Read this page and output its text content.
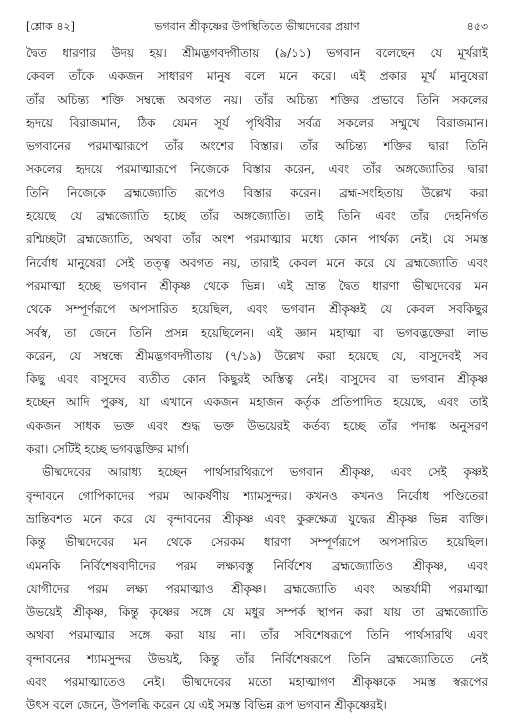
[শ্লোক ৪২]	ভগবান শ্রীকৃষ্ণের উপস্থিতিতে ভীষ্মদেবের প্রয়াণ	৪৫৩
দ্বৈত ধারণার উদয় হয়। শ্রীমদ্ভগবদ্গীতায় (৯/১১) ভগবান বলেছেন যে মূর্খরাই
কেবল তাঁকে একজন সাধারণ মানুষ বলে মনে করে। এই প্রকার মূর্খ মানুষেরা
তাঁর অচিন্ত্য শক্তি সম্বন্ধে অবগত নয়। তাঁর অচিন্ত্য শক্তির প্রভাবে তিনি সকলের
হৃদয়ে বিরাজমান, ঠিক যেমন সূর্য পৃথিবীর সর্বত্র সকলের সম্মুখে বিরাজমান।
ভগবানের পরমাত্মারূপে তাঁর অংশের বিস্তার। তাঁর অচিন্ত্য শক্তির দ্বারা তিনি
সকলের হৃদয়ে পরমাত্মারূপে নিজেকে বিস্তার করেন, এবং তাঁর অঙ্গজ্যোতির দ্বারা
তিনি নিজেকে ব্রহ্মজ্যোতি রূপেও বিস্তার করেন। ব্রহ্ম-সংহিতায় উল্লেখ করা
হয়েছে যে ব্রহ্মজ্যোতি হচ্ছে তাঁর অঙ্গজ্যোতি। তাই তিনি এবং তাঁর দেহনির্গত
রশ্মিচ্ছটা ব্রহ্মজ্যোতি, অথবা তাঁর অংশ পরমাত্মার মধ্যে কোন পার্থক্য নেই। যে সমস্ত
নির্বোধ মানুষেরা সেই তত্ত্ব অবগত নয়, তারাই কেবল মনে করে যে ব্রহ্মজ্যোতি এবং
পরমাত্মা হচ্ছে ভগবান শ্রীকৃষ্ণ থেকে ভিন্ন। এই ভ্রান্ত দ্বৈত ধারণা ভীষ্মদেবের মন
থেকে সম্পূর্ণরূপে অপসারিত হয়েছিল, এবং ভগবান শ্রীকৃষ্ণই যে কেবল সবকিছুর
সর্বস্ব, তা জেনে তিনি প্রসন্ন হয়েছিলেন। এই জ্ঞান মহাত্মা বা ভগবদ্ভক্তেরা লাভ
করেন, যে সম্বন্ধে শ্রীমদ্ভগবদ্গীতায় (৭/১৯) উল্লেখ করা হয়েছে যে, বাসুদেবই সব
কিছু এবং বাসুদেব ব্যতীত কোন কিছুরই অস্তিত্ব নেই। বাসুদেব বা ভগবান শ্রীকৃষ্ণ
হচ্ছেন আদি পুরুষ, যা এখানে একজন মহাজন কর্তৃক প্রতিপাদিত হয়েছে, এবং তাই
একজন সাধক ভক্ত এবং শুদ্ধ ভক্ত উভয়েরই কর্তব্য হচ্ছে তাঁর পদাঙ্ক অনুসরণ
করা। সেটিই হচ্ছে ভগবদ্ভক্তির মার্গ।
ভীষ্মদেবের আরাধ্য হচ্ছেন পার্থসারথিরূপে ভগবান শ্রীকৃষ্ণ, এবং সেই কৃষ্ণই
বৃন্দাবনে গোপিকাদের পরম আকর্ষণীয় শ্যামসুন্দর। কখনও কখনও নির্বোধ পণ্ডিতেরা
ভ্রান্তিবশত মনে করে যে বৃন্দাবনের শ্রীকৃষ্ণ এবং কুরুক্ষেত্র যুদ্ধের শ্রীকৃষ্ণ ভিন্ন ব্যক্তি।
কিন্তু ভীষ্মদেবের মন থেকে সেরকম ধারণা সম্পূর্ণরূপে অপসারিত হয়েছিল।
এমনকি নির্বিশেষবাদীদের পরম লক্ষ্যবস্তু নির্বিশেষ ব্রহ্মজ্যোতিও শ্রীকৃষ্ণ, এবং
যোগীদের পরম লক্ষ্য পরমাত্মাও শ্রীকৃষ্ণ। ব্রহ্মজ্যোতি এবং অন্তর্যামী পরমাত্মা
উভয়েই শ্রীকৃষ্ণ, কিন্তু কৃষ্ণের সঙ্গে যে মধুর সম্পর্ক স্থাপন করা যায় তা ব্রহ্মজ্যোতি
অথবা পরমাত্মার সঙ্গে করা যায় না। তাঁর সবিশেষরূপে তিনি পার্থসারথি এবং
বৃন্দাবনের শ্যামসুন্দর উভয়ই, কিন্তু তাঁর নির্বিশেষরূপে তিনি ব্রহ্মজ্যোতিতে নেই
এবং পরমাত্মাতেও নেই। ভীষ্মদেবের মতো মহাত্মাগণ শ্রীকৃষ্ণকে সমস্ত স্বরূপের
উৎস বলে জেনে, উপলব্ধি করেন যে এই সমস্ত বিভিন্ন রূপ ভগবান শ্রীকৃষ্ণেরই।
